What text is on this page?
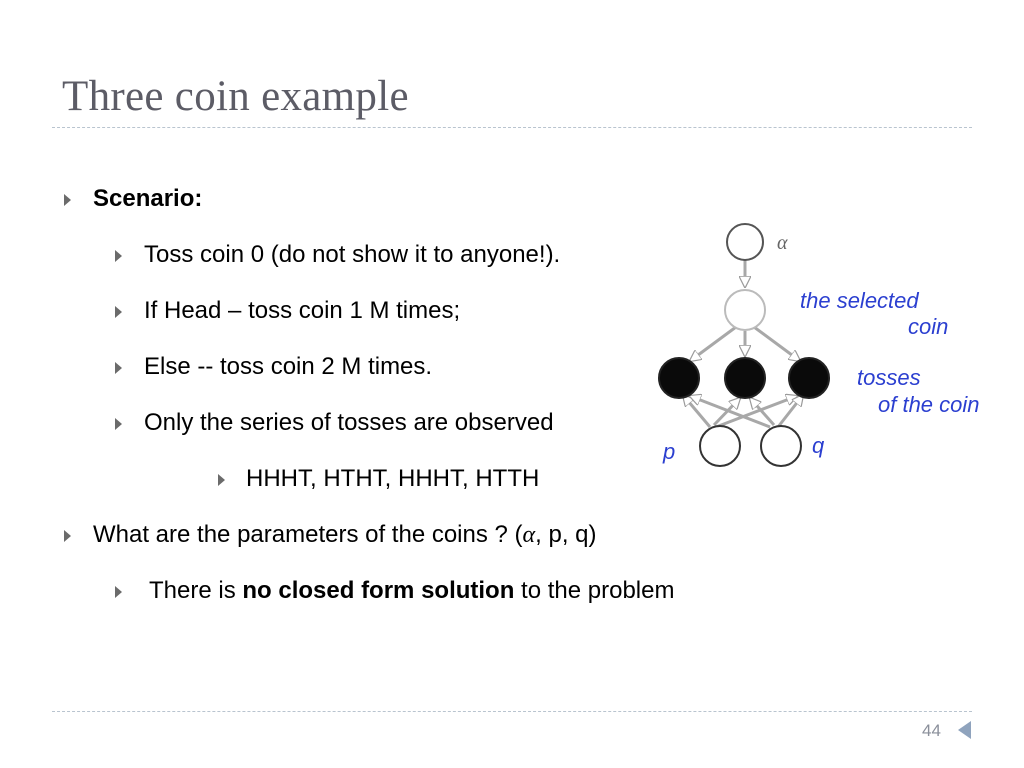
Three coin example
Scenario:
Toss coin 0 (do not show it to anyone!).
If Head – toss coin 1 M times;
Else -- toss coin 2 M times.
Only the series of tosses are observed
HHHT, HTHT, HHHT, HTTH
What are the parameters of the coins ? (α, p, q)
There is no closed form solution to the problem
α
the selected
coin
tosses
of the coin
p	q
44
